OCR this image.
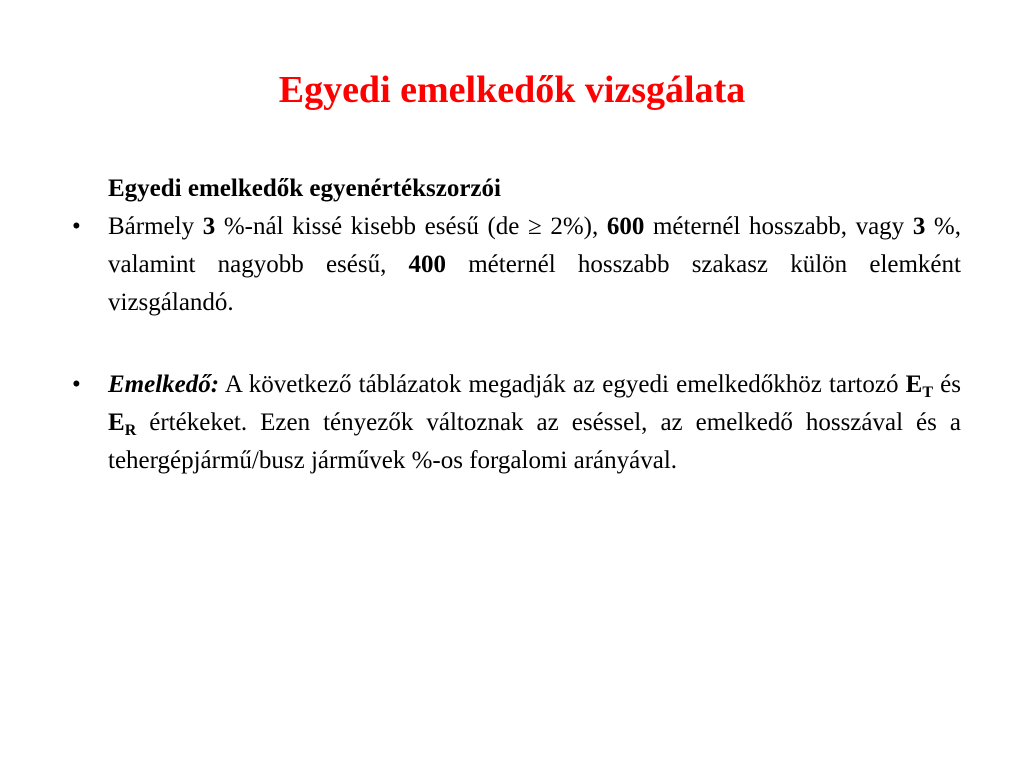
Egyedi emelkedők vizsgálata

Egyedi emelkedők egyenértékszorzói

• Bármely 3 %-nál kissé kisebb esésű (de ≥ 2%), 600 méternél hosszabb, vagy 3 %, valamint nagyobb esésű, 400 méternél hosszabb szakasz külön elemként vizsgálandó.

• Emelkedő: A következő táblázatok megadják az egyedi emelkedőkhöz tartozó $E_T$ és $E_R$ értékeket. Ezen tényezők változnak az eséssel, az emelkedő hosszával és a tehergépjármű/busz járművek %-os forgalomi arányával.
